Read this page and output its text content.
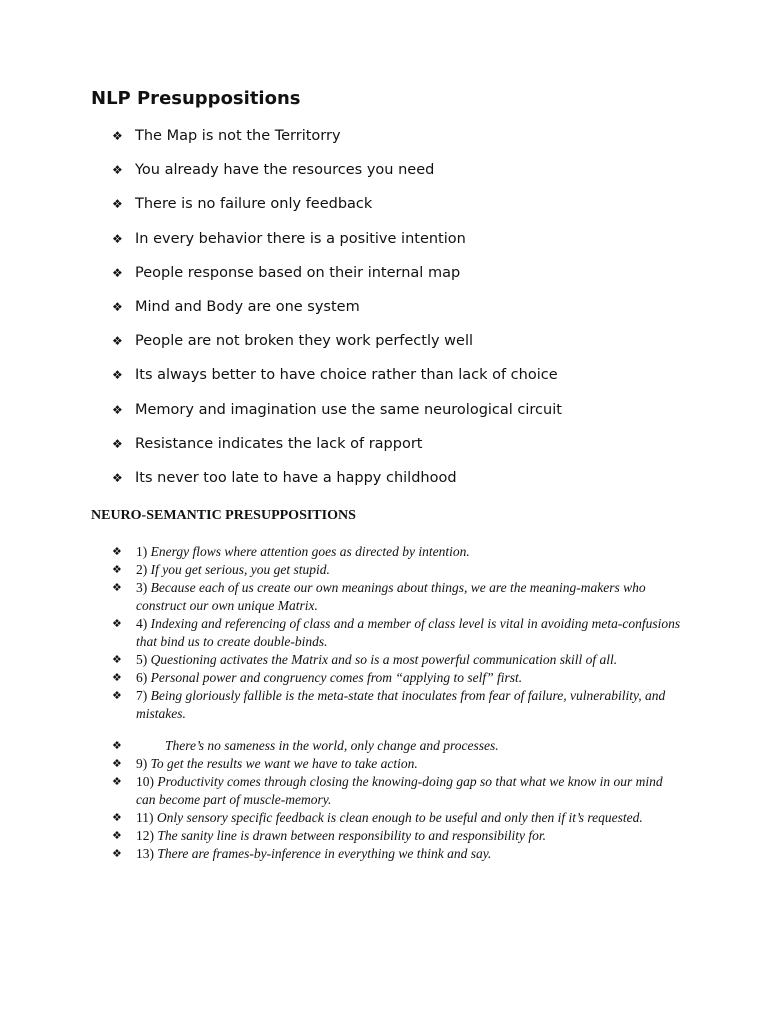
NLP Presuppositions
❖ The Map is not the Territorry
❖ You already have the resources you need
❖ There is no failure only feedback
❖ In every behavior there is a positive intention
❖ People response based on their internal map
❖ Mind and Body are one system
❖ People are not broken they work perfectly well
❖ Its always better to have choice rather than lack of choice
❖ Memory and imagination use the same neurological circuit
❖ Resistance indicates the lack of rapport
❖ Its never too late to have a happy childhood
NEURO-SEMANTIC PRESUPPOSITIONS
❖	1) Energy flows where attention goes as directed by intention.
❖	2) If you get serious, you get stupid.
❖	3) Because each of us create our own meanings about things, we are the meaning-makers who construct our own unique Matrix.
❖	4) Indexing and referencing of class and a member of class level is vital in avoiding meta-confusions that bind us to create double-binds.
❖	5) Questioning activates the Matrix and so is a most powerful communication skill of all.
❖	6) Personal power and congruency comes from “applying to self” first.
❖	7) Being gloriously fallible is the meta-state that inoculates from fear of failure, vulnerability, and mistakes.
❖	There’s no sameness in the world, only change and processes.
❖	9) To get the results we want we have to take action.
❖	10) Productivity comes through closing the knowing-doing gap so that what we know in our mind can become part of muscle-memory.
❖	11) Only sensory specific feedback is clean enough to be useful and only then if it’s requested.
❖	12) The sanity line is drawn between responsibility to and responsibility for.
❖	13) There are frames-by-inference in everything we think and say.
